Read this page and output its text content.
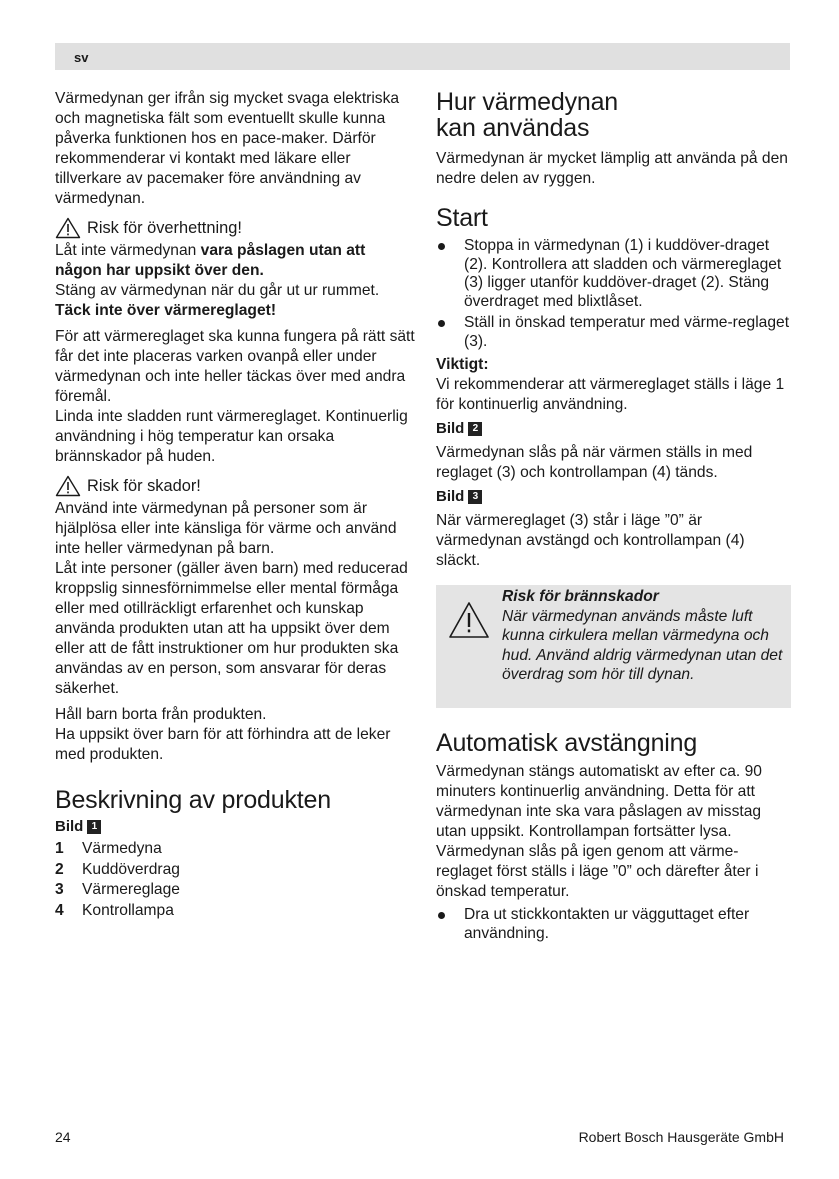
sv

Värmedynan ger ifrån sig mycket svaga elektriska och magnetiska fält som eventuellt skulle kunna påverka funktionen hos en pace-maker. Därför rekommenderar vi kontakt med läkare eller tillverkare av pacemaker före användning av värmedynan.

Risk för överhettning!

Låt inte värmedynan vara påslagen utan att någon har uppsikt över den.

Stäng av värmedynan när du går ut ur rummet.

Täck inte över värmereglaget!

För att värmereglaget ska kunna fungera på rätt sätt får det inte placeras varken ovanpå eller under värmedynan och inte heller täckas över med andra föremål.

Linda inte sladden runt värmereglaget. Kontinuerlig användning i hög temperatur kan orsaka brännskador på huden.

Risk för skador!

Använd inte värmedynan på personer som är hjälplösa eller inte känsliga för värme och använd inte heller värmedynan på barn.

Låt inte personer (gäller även barn) med reducerad kroppslig sinnesförnimmelse eller mental förmåga eller med otillräckligt erfarenhet och kunskap använda produkten utan att ha uppsikt över dem eller att de fått instruktioner om hur produkten ska användas av en person, som ansvarar för deras säkerhet.

Håll barn borta från produkten.

Ha uppsikt över barn för att förhindra att de leker med produkten.

Beskrivning av produkten
Bild 1
1	Värmedyna
2	Kuddöverdrag
3	Värmereglage
4	Kontrollampa
Hur värmedynan
kan användas

Värmedynan är mycket lämplig att använda på den nedre delen av ryggen.

Start
Stoppa in värmedynan (1) i kuddöver-draget (2). Kontrollera att sladden och värmereglaget (3) ligger utanför kuddöver-draget (2). Stäng överdraget med blixtlåset.
Ställ in önskad temperatur med värme-reglaget (3).

Viktigt:

Vi rekommenderar att värmereglaget ställs i läge 1 för kontinuerlig användning.

Bild 2

Värmedynan slås på när värmen ställs in med reglaget (3) och kontrollampan (4) tänds.

Bild 3

När värmereglaget (3) står i läge ”0” är värmedynan avstängd och kontrollampan (4) släckt.

Risk för brännskador
När värmedynan används måste luft kunna cirkulera mellan värmedyna och hud. Använd aldrig värmedynan utan det överdrag som hör till dynan.
Automatisk avstängning

Värmedynan stängs automatiskt av efter ca. 90 minuters kontinuerlig användning. Detta för att värmedynan inte ska vara påslagen av misstag utan uppsikt. Kontrollampan fortsätter lysa.

Värmedynan slås på igen genom att värme-reglaget först ställs i läge ”0” och därefter åter i önskad temperatur.

Dra ut stickkontakten ur vägguttaget efter användning.
24	Robert Bosch Hausgeräte GmbH
